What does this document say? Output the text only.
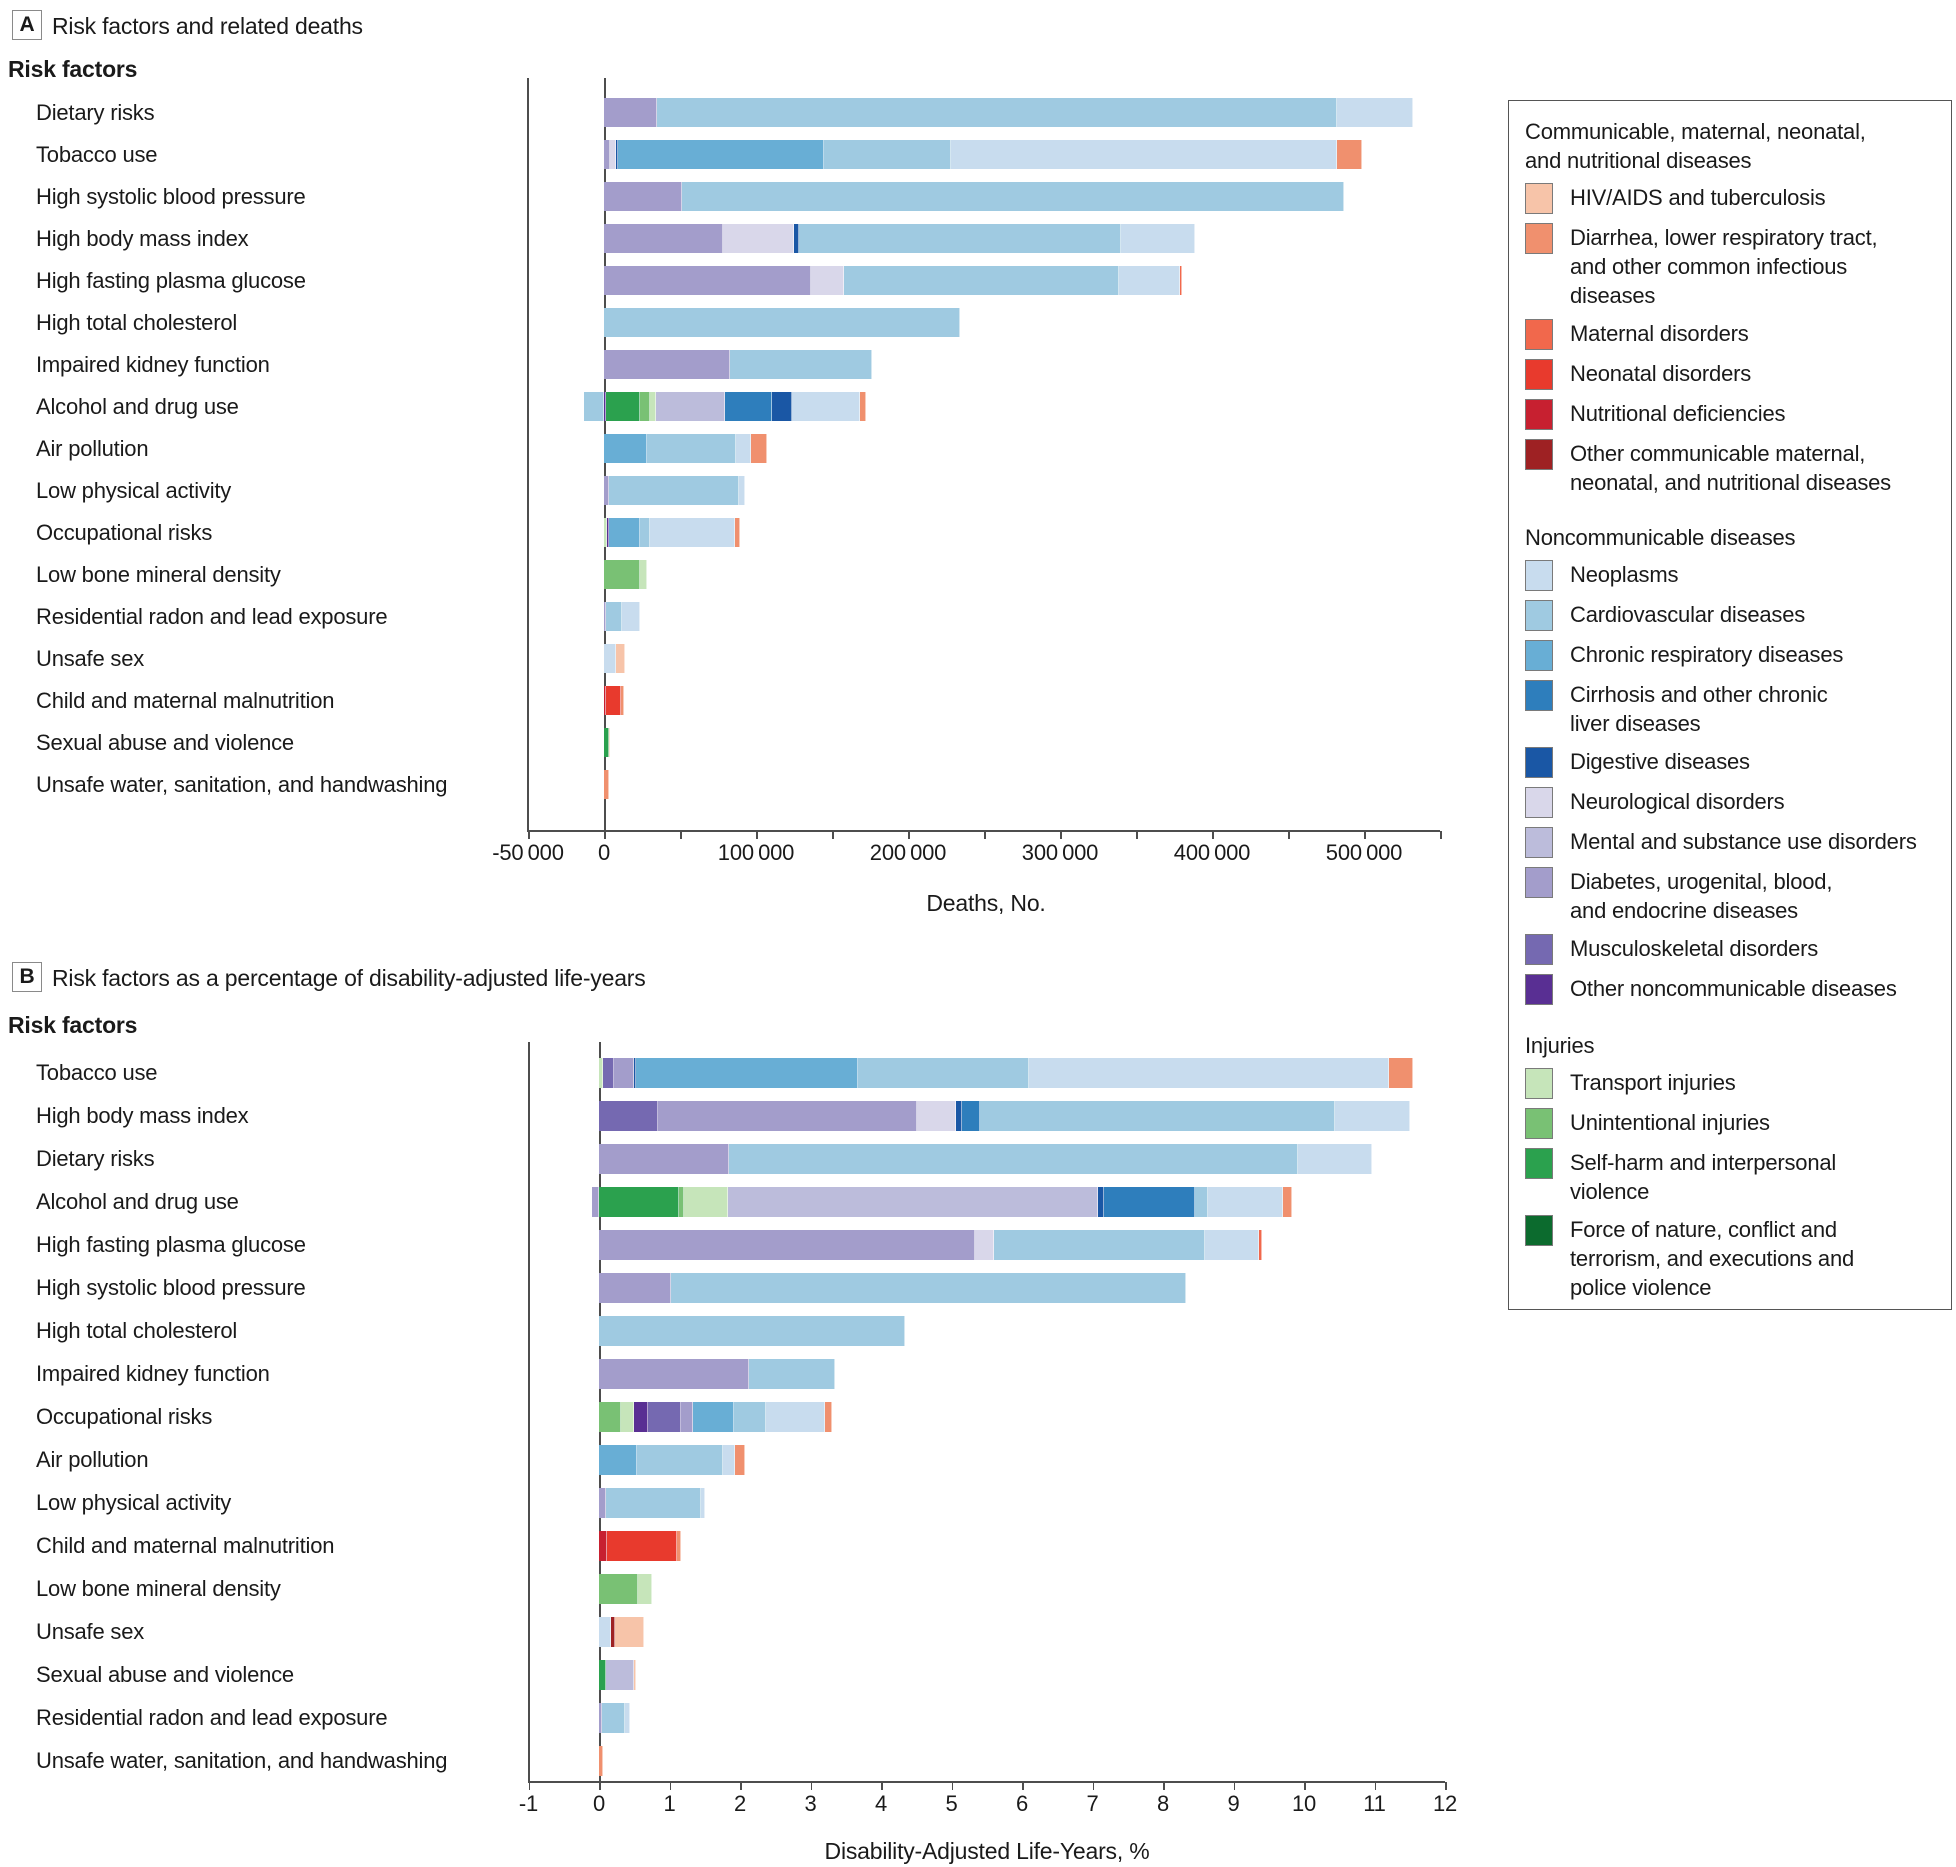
A Risk factors and related deaths
Risk factors
-50 000 0	100 000	200 000	300 000	400 000	500 000
Dietary risks
Tobacco use
High systolic blood pressure
High body mass index
High fasting plasma glucose
High total cholesterol
Impaired kidney function
Alcohol and drug use
Air pollution
Low physical activity
Occupational risks
Low bone mineral density
Residential radon and lead exposure
Unsafe sex
Child and maternal malnutrition
Sexual abuse and violence
Unsafe water, sanitation, and handwashing
Deaths, No.
B Risk factors as a percentage of disability-adjusted life-years
Risk factors
-1 0	1	2	3	4	5	6	7	8	9 10 11 12
Tobacco use
High body mass index
Dietary risks
Alcohol and drug use
High fasting plasma glucose
High systolic blood pressure
High total cholesterol
Impaired kidney function
Occupational risks
Air pollution
Low physical activity
Child and maternal malnutrition
Low bone mineral density
Unsafe sex
Sexual abuse and violence
Residential radon and lead exposure
Unsafe water, sanitation, and handwashing
Disability-Adjusted Life-Years, %
Communicable, maternal, neonatal,
and nutritional diseases
HIV/AIDS and tuberculosis
Diarrhea, lower respiratory tract,
and other common infectious
diseases
Maternal disorders
Neonatal disorders
Nutritional deficiencies
Other communicable maternal,
neonatal, and nutritional diseases
Noncommunicable diseases
Neoplasms
Cardiovascular diseases
Chronic respiratory diseases
Cirrhosis and other chronic
liver diseases
Digestive diseases
Neurological disorders
Mental and substance use disorders
Diabetes, urogenital, blood,
and endocrine diseases
Musculoskeletal disorders
Other noncommunicable diseases
Injuries
Transport injuries
Unintentional injuries
Self-harm and interpersonal
violence
Force of nature, conflict and
terrorism, and executions and
police violence
